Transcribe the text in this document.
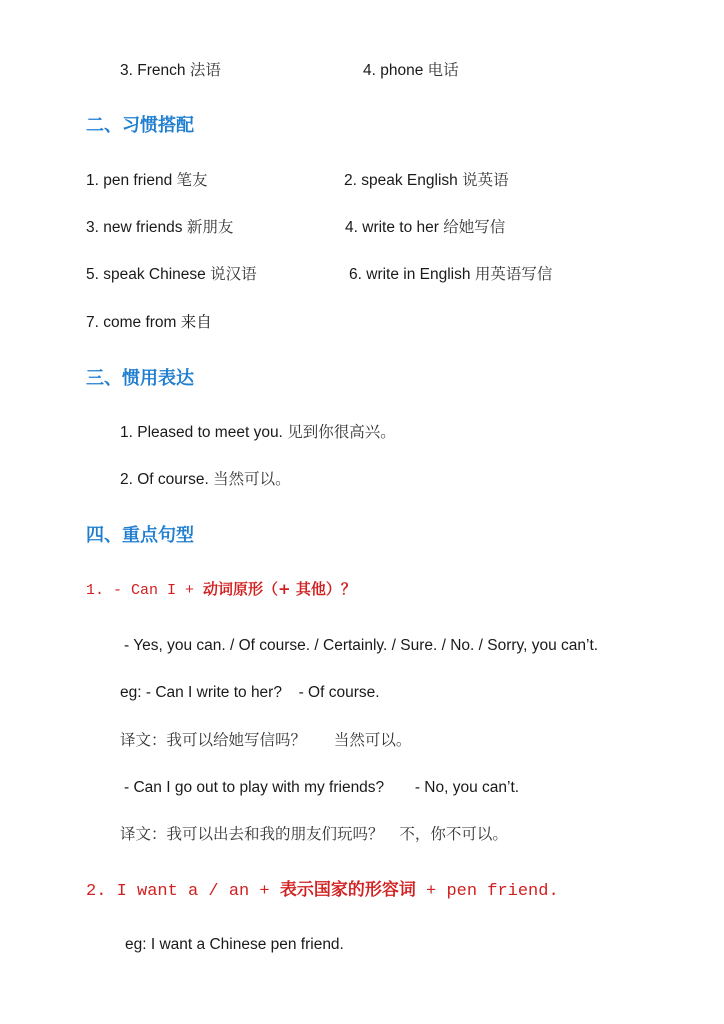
3. French 法语	4. phone 电话
二、习惯搭配
1. pen friend 笔友	2. speak English 说英语
3. new friends 新朋友	4. write to her 给她写信
5. speak Chinese 说汉语	6. write in English 用英语写信
7. come from 来自
三、惯用表达
1. Pleased to meet you. 见到你很高兴。
2. Of course. 当然可以。
四、重点句型
1. - Can I + 动词原形（+ 其他）？
- Yes, you can. / Of course. / Certainly. / Sure. / No. / Sorry, you can’t.
eg: - Can I write to her? - Of course.
译文：我可以给她写信吗？ 当然可以。
- Can I go out to play with my friends? - No, you can’t.
译文：我可以出去和我的朋友们玩吗？ 不，你不可以。
2. I want a / an + 表示国家的形容词 + pen friend.
eg: I want a Chinese pen friend.
